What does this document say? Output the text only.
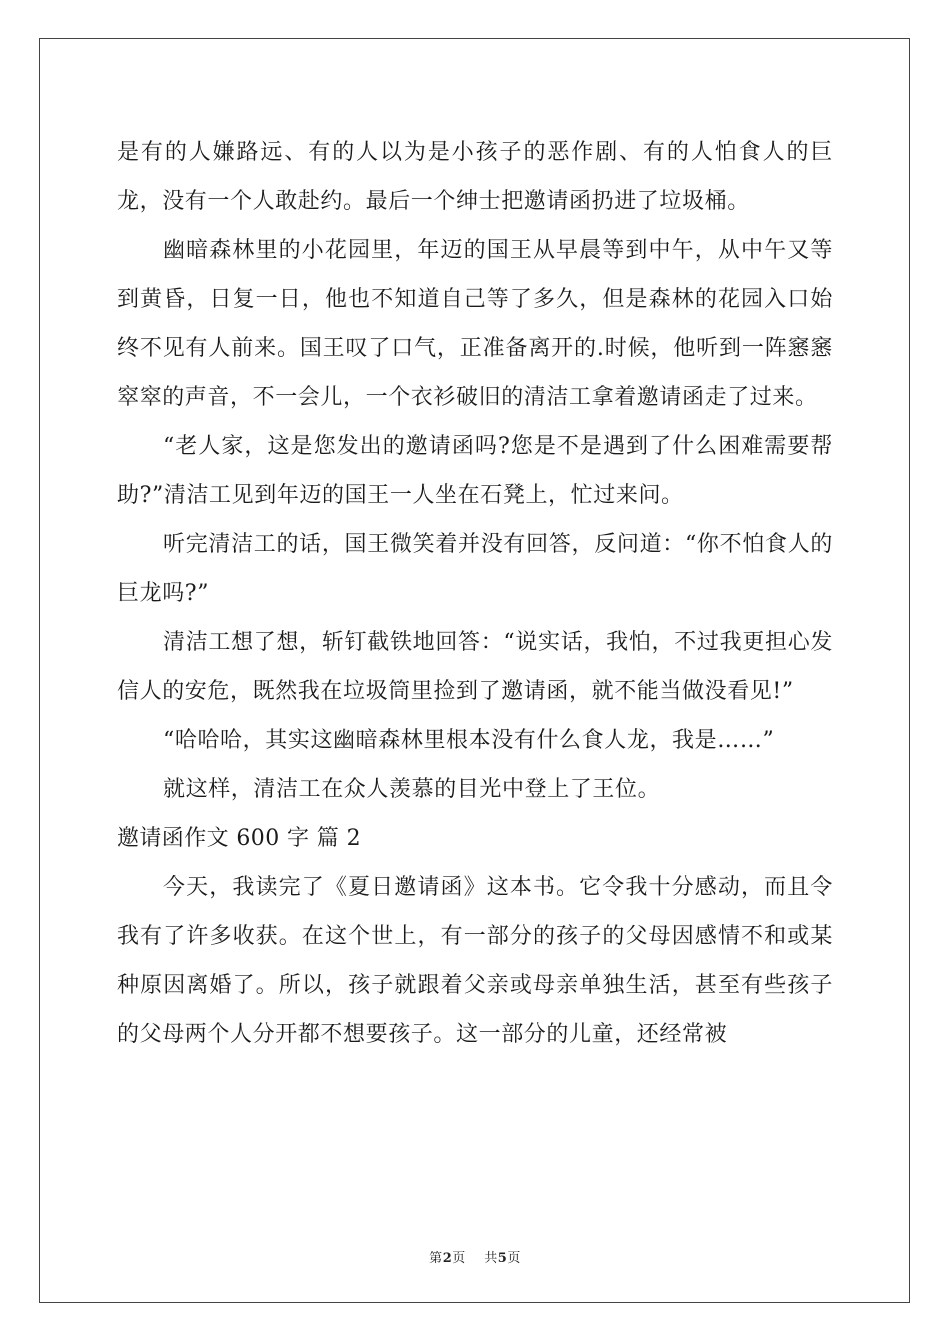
是有的人嫌路远、有的人以为是小孩子的恶作剧、有的人怕食人的巨龙，没有一个人敢赴约。最后一个绅士把邀请函扔进了垃圾桶。

幽暗森林里的小花园里，年迈的国王从早晨等到中午，从中午又等到黄昏，日复一日，他也不知道自己等了多久，但是森林的花园入口始终不见有人前来。国王叹了口气，正准备离开的.时候，他听到一阵窸窸窣窣的声音，不一会儿，一个衣衫破旧的清洁工拿着邀请函走了过来。

“老人家，这是您发出的邀请函吗?您是不是遇到了什么困难需要帮助?”清洁工见到年迈的国王一人坐在石凳上，忙过来问。

听完清洁工的话，国王微笑着并没有回答，反问道：“你不怕食人的巨龙吗?”

清洁工想了想，斩钉截铁地回答：“说实话，我怕，不过我更担心发信人的安危，既然我在垃圾筒里捡到了邀请函，就不能当做没看见!”

“哈哈哈，其实这幽暗森林里根本没有什么食人龙，我是……”

就这样，清洁工在众人羡慕的目光中登上了王位。

邀请函作文 600 字 篇 2

今天，我读完了《夏日邀请函》这本书。它令我十分感动，而且令我有了许多收获。在这个世上，有一部分的孩子的父母因感情不和或某种原因离婚了。所以，孩子就跟着父亲或母亲单独生活，甚至有些孩子的父母两个人分开都不想要孩子。这一部分的儿童，还经常被

第2页    共5页
